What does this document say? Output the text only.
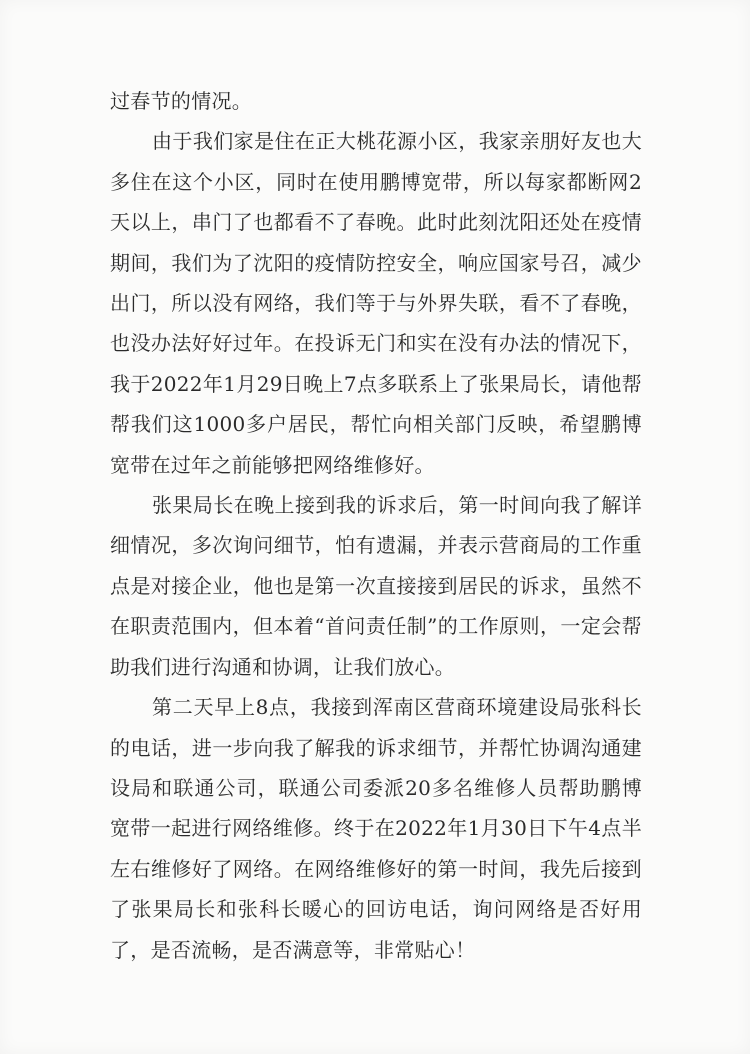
过春节的情况。

由于我们家是住在正大桃花源小区，我家亲朋好友也大多住在这个小区，同时在使用鹏博宽带，所以每家都断网2天以上，串门了也都看不了春晚。此时此刻沈阳还处在疫情期间，我们为了沈阳的疫情防控安全，响应国家号召，减少出门，所以没有网络，我们等于与外界失联，看不了春晚，也没办法好好过年。在投诉无门和实在没有办法的情况下，我于2022年1月29日晚上7点多联系上了张果局长，请他帮帮我们这1000多户居民，帮忙向相关部门反映，希望鹏博宽带在过年之前能够把网络维修好。

张果局长在晚上接到我的诉求后，第一时间向我了解详细情况，多次询问细节，怕有遗漏，并表示营商局的工作重点是对接企业，他也是第一次直接接到居民的诉求，虽然不在职责范围内，但本着“首问责任制”的工作原则，一定会帮助我们进行沟通和协调，让我们放心。

第二天早上8点，我接到浑南区营商环境建设局张科长的电话，进一步向我了解我的诉求细节，并帮忙协调沟通建设局和联通公司，联通公司委派20多名维修人员帮助鹏博宽带一起进行网络维修。终于在2022年1月30日下午4点半左右维修好了网络。在网络维修好的第一时间，我先后接到了张果局长和张科长暖心的回访电话，询问网络是否好用了，是否流畅，是否满意等，非常贴心！
